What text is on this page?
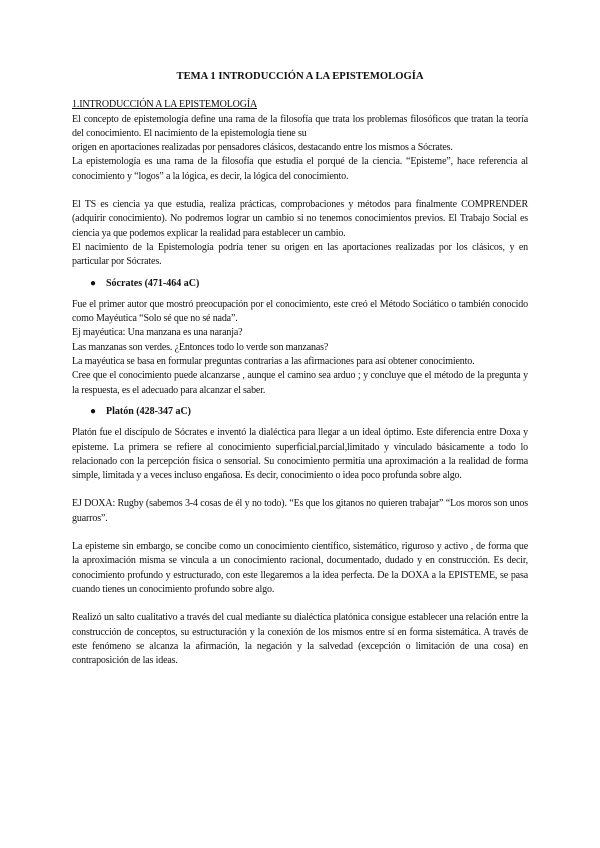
TEMA 1 INTRODUCCIÓN A LA EPISTEMOLOGÍA

1.INTRODUCCIÓN A LA EPISTEMOLOGÍA

El concepto de epistemología define una rama de la filosofía que trata los problemas filosóficos que tratan la teoría del conocimiento. El nacimiento de la epistemología tiene su

origen en aportaciones realizadas por pensadores clásicos, destacando entre los mismos a Sócrates.

La epistemología es una rama de la filosofía que estudia el porqué de la ciencia. “Episteme”, hace referencia al conocimiento y “logos” a la lógica, es decir, la lógica del conocimiento.

El TS es ciencia ya que estudia, realiza prácticas, comprobaciones y métodos para finalmente COMPRENDER (adquirir conocimiento). No podremos lograr un cambio si no tenemos conocimientos previos. El Trabajo Social es ciencia ya que podemos explicar la realidad para establecer un cambio.

El nacimiento de la Epistemología podría tener su origen en las aportaciones realizadas por los clásicos, y en particular por Sócrates.

● Sócrates (471-464 aC)

Fue el primer autor que mostró preocupación por el conocimiento, este creó el Método Sociático o también conocido como Mayéutica “Solo sé que no sé nada”.

Ej mayéutica: Una manzana es una naranja?

Las manzanas son verdes. ¿Entonces todo lo verde son manzanas?

La mayéutica se basa en formular preguntas contrarias a las afirmaciones para así obtener conocimiento.

Cree que el conocimiento puede alcanzarse , aunque el camino sea arduo ; y concluye que el método de la pregunta y la respuesta, es el adecuado para alcanzar el saber.

● Platón (428-347 aC)

Platón fue el discípulo de Sócrates e inventó la dialéctica para llegar a un ideal óptimo. Este diferencia entre Doxa y episteme. La primera se refiere al conocimiento superficial,parcial,limitado y vinculado básicamente a todo lo relacionado con la percepción física o sensorial. Su conocimiento permitía una aproximación a la realidad de forma simple, limitada y a veces incluso engañosa. Es decir, conocimiento o idea poco profunda sobre algo.

EJ DOXA: Rugby (sabemos 3-4 cosas de él y no todo). “Es que los gitanos no quieren trabajar” “Los moros son unos guarros”.

La episteme sin embargo, se concibe como un conocimiento científico, sistemático, riguroso y activo , de forma que la aproximación misma se vincula a un conocimiento racional, documentado, dudado y en construcción. Es decir, conocimiento profundo y estructurado, con este llegaremos a la idea perfecta. De la DOXA a la EPISTEME, se pasa cuando tienes un conocimiento profundo sobre algo.

Realizó un salto cualitativo a través del cual mediante su dialéctica platónica consigue establecer una relación entre la construcción de conceptos, su estructuración y la conexión de los mismos entre sí en forma sistemática. A través de este fenómeno se alcanza la afirmación, la negación y la salvedad (excepción o limitación de una cosa) en contraposición de las ideas.
